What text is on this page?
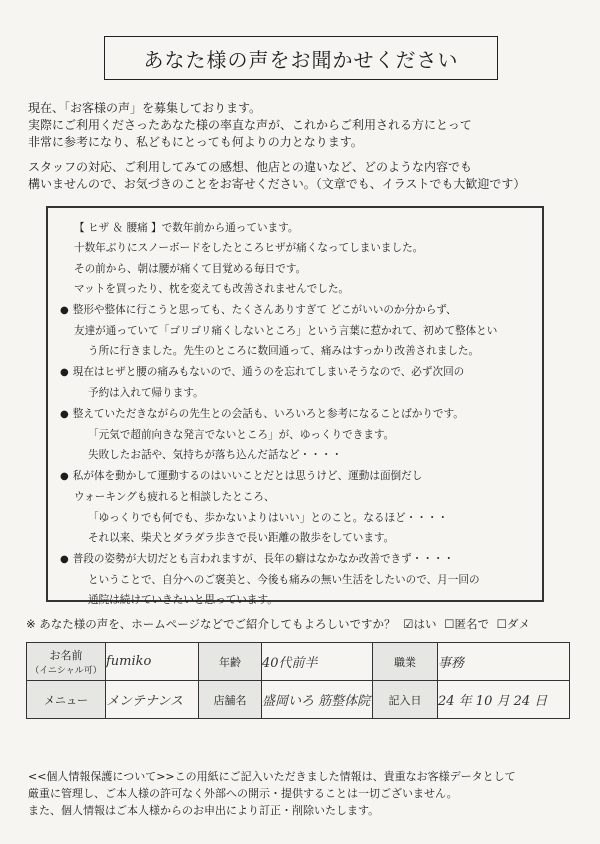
あなた様の声をお聞かせください

現在、「お客様の声」を募集しております。

実際にご利用くださったあなた様の率直な声が、これからご利用される方にとって

非常に参考になり、私どもにとっても何よりの力となります。

スタッフの対応、ご利用してみての感想、他店との違いなど、どのような内容でも

構いませんので、お気づきのことをお寄せください。（文章でも、イラストでも大歓迎です）

【 ヒザ ＆ 腰痛 】で数年前から通っています。

十数年ぶりにスノーボードをしたところヒザが痛くなってしまいました。

その前から、朝は腰が痛くて目覚める毎日です。

マットを買ったり、枕を変えても改善されませんでした。

● 整形や整体に行こうと思っても、たくさんありすぎて どこがいいのか分からず、

友達が通っていて「ゴリゴリ痛くしないところ」という言葉に惹かれて、初めて整体とい

う所に行きました。先生のところに数回通って、痛みはすっかり改善されました。

● 現在はヒザと腰の痛みもないので、通うのを忘れてしまいそうなので、必ず次回の

予約は入れて帰ります。

● 整えていただきながらの先生との会話も、いろいろと参考になることばかりです。

「元気で超前向きな発言でないところ」が、ゆっくりできます。

失敗したお話や、気持ちが落ち込んだ話など・・・・

● 私が体を動かして運動するのはいいことだとは思うけど、運動は面倒だし

ウォーキングも疲れると相談したところ、

「ゆっくりでも何でも、歩かないよりはいい」とのこと。なるほど・・・・

それ以来、柴犬とダラダラ歩きで長い距離の散歩をしています。

● 普段の姿勢が大切だとも言われますが、長年の癖はなかなか改善できず・・・・

ということで、自分へのご褒美と、今後も痛みの無い生活をしたいので、月一回の

通院は続けていきたいと思っています。

※ あなた様の声を、ホームページなどでご紹介してもよろしいですか？ ☑はい ☐匿名で ☐ダメ
お名前
（イニシャル可）	fumiko	年齢	40代前半	職業	事務
メニュー	メンテナンス	店舗名	盛岡いろ 筋整体院	記入日	24 年 10 月 24 日

<<個人情報保護について>>この用紙にご記入いただきました情報は、貴重なお客様データとして

厳重に管理し、ご本人様の許可なく外部への開示・提供することは一切ございません。

また、個人情報はご本人様からのお申出により訂正・削除いたします。
